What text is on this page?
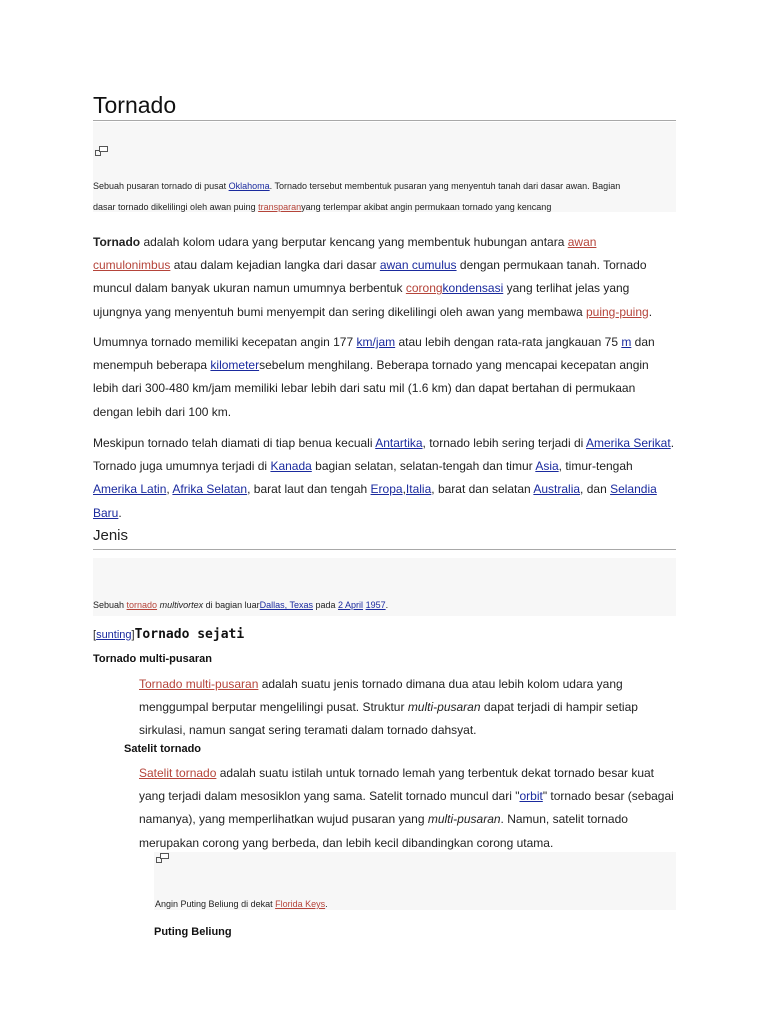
Tornado
Sebuah pusaran tornado di pusat Oklahoma. Tornado tersebut membentuk pusaran yang menyentuh tanah dari dasar awan. Bagian
dasar tornado dikelilingi oleh awan puing transparanyang terlempar akibat angin permukaan tornado yang kencang
Tornado adalah kolom udara yang berputar kencang yang membentuk hubungan antara awan cumulonimbus atau dalam kejadian langka dari dasar awan cumulus dengan permukaan tanah. Tornado muncul dalam banyak ukuran namun umumnya berbentuk corongkondensasi yang terlihat jelas yang ujungnya yang menyentuh bumi menyempit dan sering dikelilingi oleh awan yang membawa puing-puing.
Umumnya tornado memiliki kecepatan angin 177 km/jam atau lebih dengan rata-rata jangkauan 75 m dan menempuh beberapa kilometersebelum menghilang. Beberapa tornado yang mencapai kecepatan angin lebih dari 300-480 km/jam memiliki lebar lebih dari satu mil (1.6 km) dan dapat bertahan di permukaan dengan lebih dari 100 km.
Meskipun tornado telah diamati di tiap benua kecuali Antartika, tornado lebih sering terjadi di Amerika Serikat. Tornado juga umumnya terjadi di Kanada bagian selatan, selatan-tengah dan timur Asia, timur-tengah Amerika Latin, Afrika Selatan, barat laut dan tengah Eropa,Italia, barat dan selatan Australia, dan Selandia Baru.
Jenis
Sebuah tornado multivortex di bagian luarDallas, Texas pada 2 April 1957.
[sunting]Tornado sejati
Tornado multi-pusaran
Tornado multi-pusaran adalah suatu jenis tornado dimana dua atau lebih kolom udara yang menggumpal berputar mengelilingi pusat. Struktur multi-pusaran dapat terjadi di hampir setiap sirkulasi, namun sangat sering teramati dalam tornado dahsyat.
Satelit tornado
Satelit tornado adalah suatu istilah untuk tornado lemah yang terbentuk dekat tornado besar kuat yang terjadi dalam mesosiklon yang sama. Satelit tornado muncul dari "orbit" tornado besar (sebagai namanya), yang memperlihatkan wujud pusaran yang multi-pusaran. Namun, satelit tornado merupakan corong yang berbeda, dan lebih kecil dibandingkan corong utama.
Angin Puting Beliung di dekat Florida Keys.
Puting Beliung
